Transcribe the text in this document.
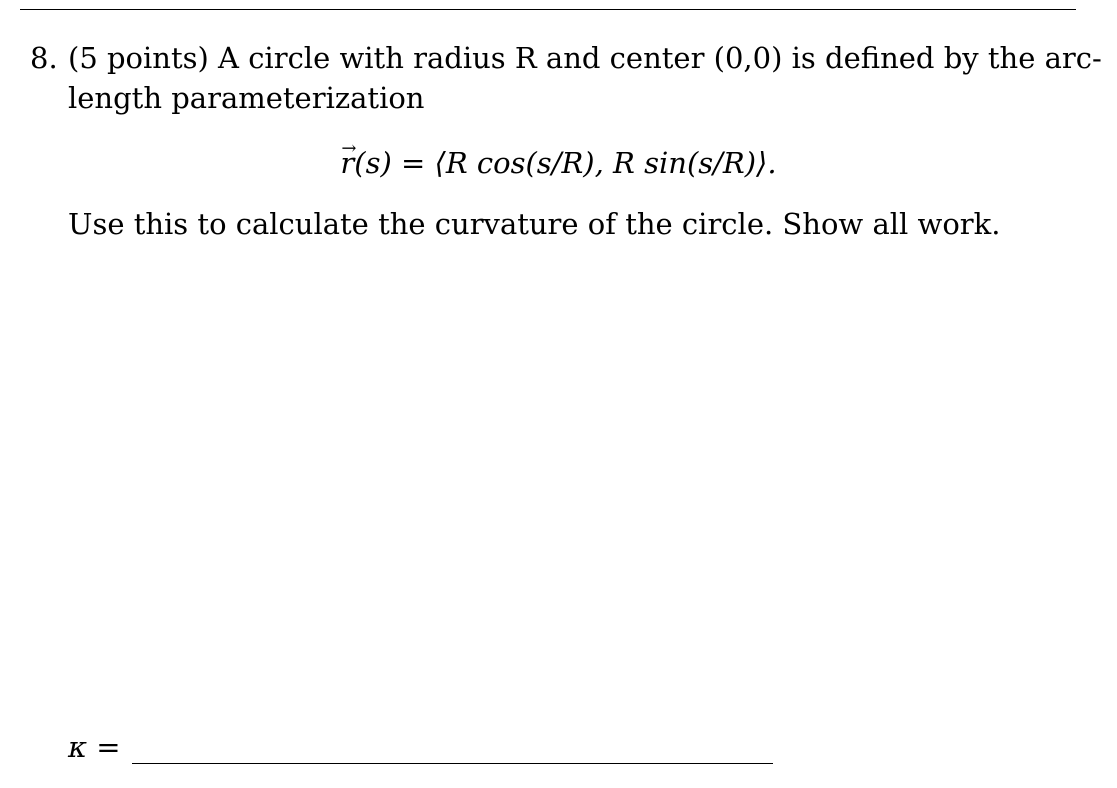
8. (5 points) A circle with radius R and center (0,0) is defined by the arc-
length parameterization
→ r(s) = ⟨R cos(s/R), R sin(s/R)⟩.
Use this to calculate the curvature of the circle. Show all work.
κ =
